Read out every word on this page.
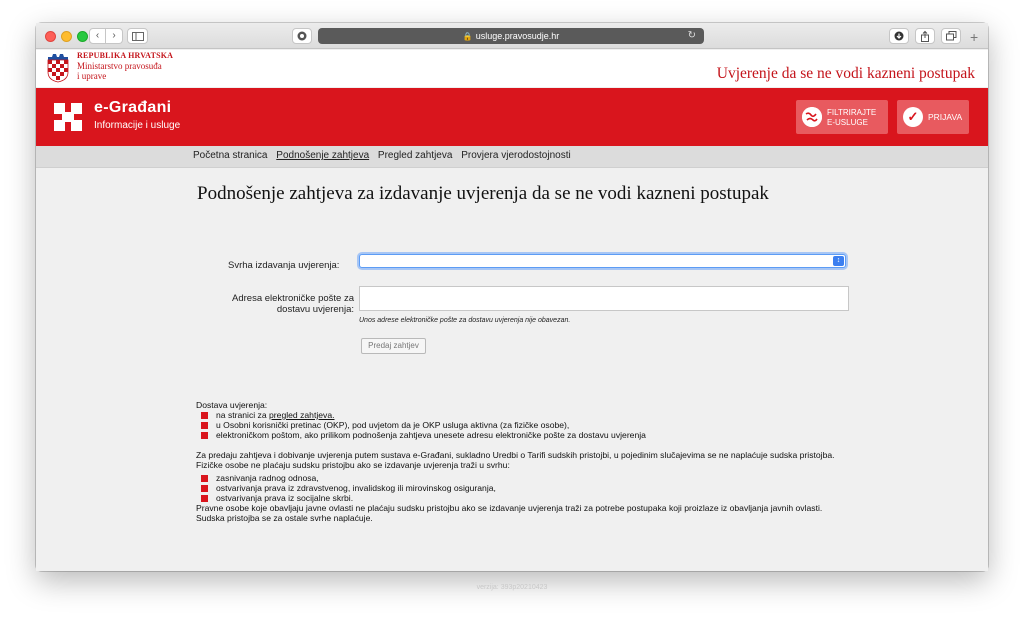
‹	›	🔒 usluge.pravosudje.hr	↻	+
REPUBLIKA HRVATSKA
Ministarstvo pravosuđa
i uprave	Uvjerenje da se ne vodi kazneni postupak
e-Građani
Informacije i usluge
FILTRIRAJTE
E-USLUGE	✓	PRIJAVA
Početna stranica Podnošenje zahtjeva Pregled zahtjeva Provjera vjerodostojnosti
Podnošenje zahtjeva za izdavanje uvjerenja da se ne vodi kazneni postupak
Svrha izdavanja uvjerenja:	↕
Adresa elektroničke pošte za
dostavu uvjerenja:
Unos adrese elektroničke pošte za dostavu uvjerenja nije obavezan.
Predaj zahtjev
Dostava uvjerenja:
na stranici za pregled zahtjeva.
u Osobni korisnički pretinac (OKP), pod uvjetom da je OKP usluga aktivna (za fizičke osobe),
elektroničkom poštom, ako prilikom podnošenja zahtjeva unesete adresu elektroničke pošte za dostavu uvjerenja
Za predaju zahtjeva i dobivanje uvjerenja putem sustava e-Građani, sukladno Uredbi o Tarifi sudskih pristojbi, u pojedinim slučajevima se ne naplaćuje sudska pristojba.
Fizičke osobe ne plaćaju sudsku pristojbu ako se izdavanje uvjerenja traži u svrhu:
zasnivanja radnog odnosa,
ostvarivanja prava iz zdravstvenog, invalidskog ili mirovinskog osiguranja,
ostvarivanja prava iz socijalne skrbi.
Pravne osobe koje obavljaju javne ovlasti ne plaćaju sudsku pristojbu ako se izdavanje uvjerenja traži za potrebe postupaka koji proizlaze iz obavljanja javnih ovlasti.
Sudska pristojba se za ostale svrhe naplaćuje.
verzija: 393p20210423
